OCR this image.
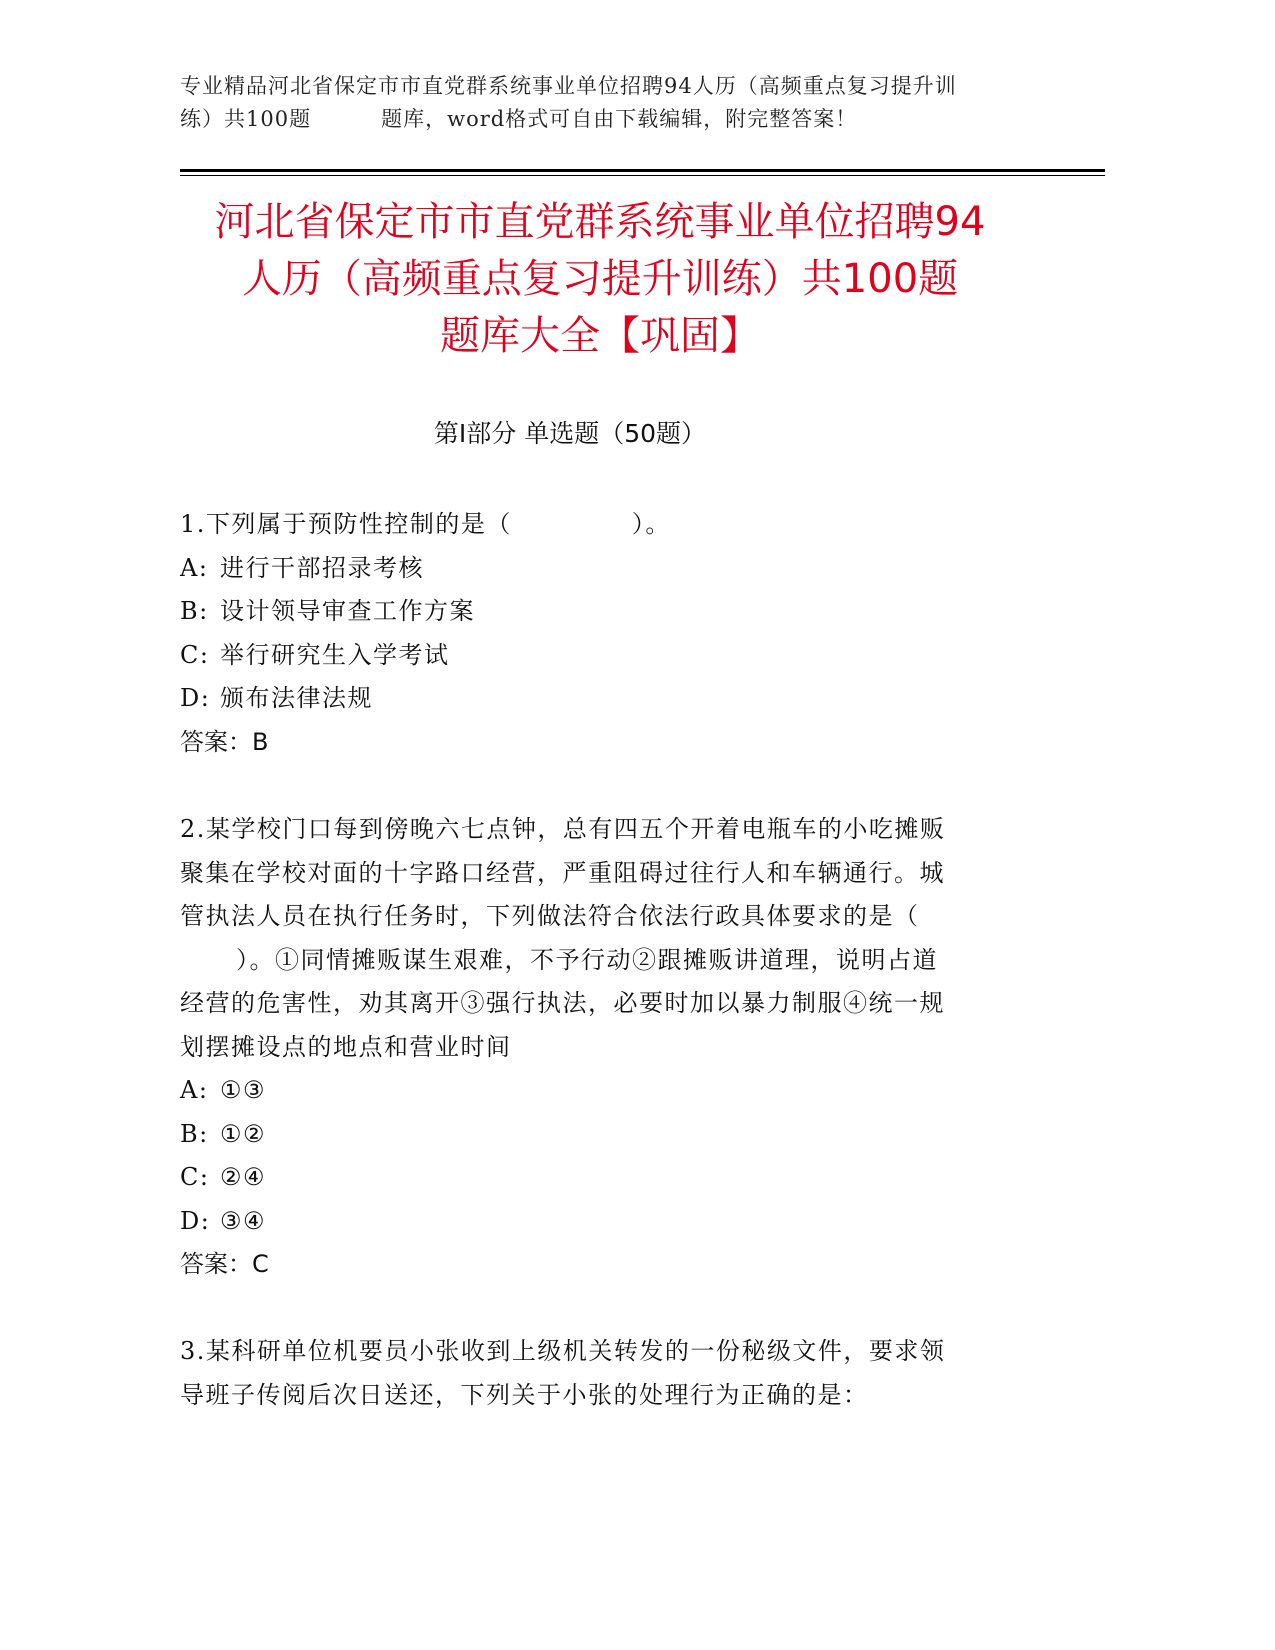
专业精品河北省保定市市直党群系统事业单位招聘94人历（高频重点复习提升训
练）共100题	题库，word格式可自由下载编辑，附完整答案！
河北省保定市市直党群系统事业单位招聘94
人历（高频重点复习提升训练）共100题
题库大全【巩固】
第Ⅰ部分 单选题（50题）
1.下列属于预防性控制的是（	）。
A: 进行干部招录考核
B: 设计领导审查工作方案
C: 举行研究生入学考试
D: 颁布法律法规
答案：B
2.某学校门口每到傍晚六七点钟，总有四五个开着电瓶车的小吃摊贩
聚集在学校对面的十字路口经营，严重阻碍过往行人和车辆通行。城
管执法人员在执行任务时，下列做法符合依法行政具体要求的是（
）。①同情摊贩谋生艰难，不予行动②跟摊贩讲道理，说明占道
经营的危害性，劝其离开③强行执法，必要时加以暴力制服④统一规
划摆摊设点的地点和营业时间
A: ①③
B: ①②
C: ②④
D: ③④
答案：C
3.某科研单位机要员小张收到上级机关转发的一份秘级文件，要求领
导班子传阅后次日送还，下列关于小张的处理行为正确的是：
